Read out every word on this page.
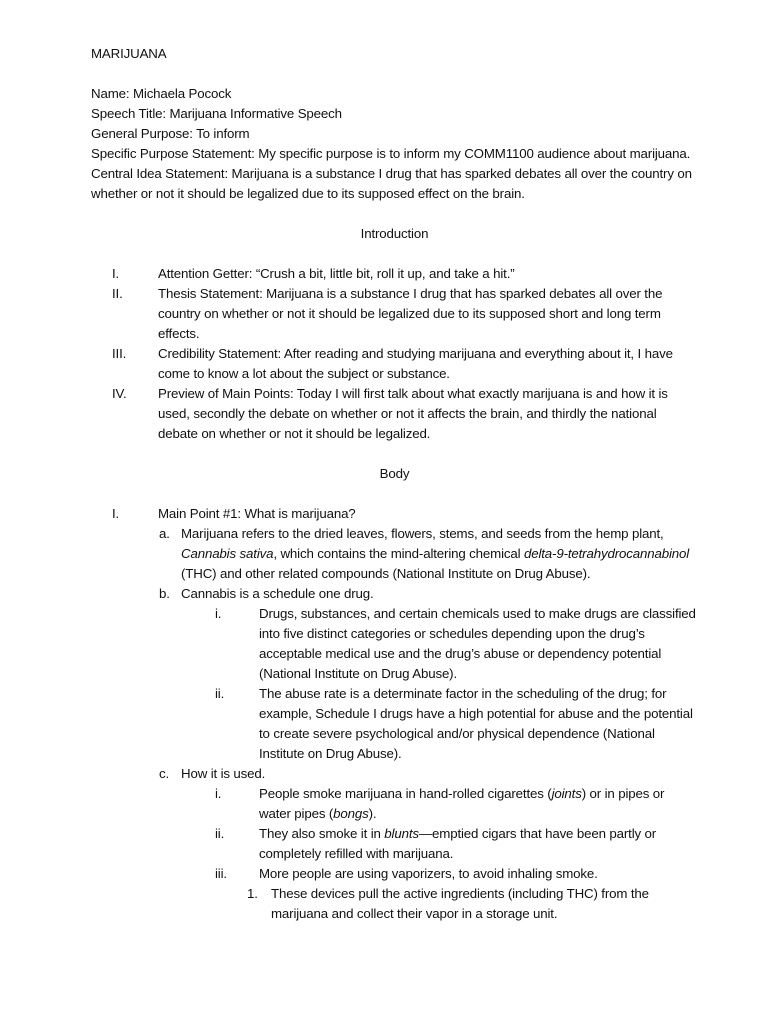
MARIJUANA

Name: Michaela Pocock

Speech Title: Marijuana Informative Speech

General Purpose: To inform

Specific Purpose Statement: My specific purpose is to inform my COMM1100 audience about marijuana.

Central Idea Statement: Marijuana is a substance I drug that has sparked debates all over the country on whether or not it should be legalized due to its supposed effect on the brain.

Introduction

I.	Attention Getter: “Crush a bit, little bit, roll it up, and take a hit.”
II.	Thesis Statement: Marijuana is a substance I drug that has sparked debates all over the country on whether or not it should be legalized due to its supposed short and long term effects.
III. Credibility Statement: After reading and studying marijuana and everything about it, I have come to know a lot about the subject or substance.
IV. Preview of Main Points: Today I will first talk about what exactly marijuana is and how it is used, secondly the debate on whether or not it affects the brain, and thirdly the national debate on whether or not it should be legalized.

Body

I.	Main Point #1: What is marijuana?
a. Marijuana refers to the dried leaves, flowers, stems, and seeds from the hemp plant, Cannabis sativa, which contains the mind-altering chemical delta-9-tetrahydrocannabinol (THC) and other related compounds (National Institute on Drug Abuse).
b. Cannabis is a schedule one drug.
i.	Drugs, substances, and certain chemicals used to make drugs are classified into five distinct categories or schedules depending upon the drug’s acceptable medical use and the drug’s abuse or dependency potential (National Institute on Drug Abuse).
ii.	The abuse rate is a determinate factor in the scheduling of the drug; for example, Schedule I drugs have a high potential for abuse and the potential to create severe psychological and/or physical dependence (National Institute on Drug Abuse).
c. How it is used.
i.	People smoke marijuana in hand-rolled cigarettes (joints) or in pipes or water pipes (bongs).
ii.	They also smoke it in blunts—emptied cigars that have been partly or completely refilled with marijuana.
iii. More people are using vaporizers, to avoid inhaling smoke.
1. These devices pull the active ingredients (including THC) from the marijuana and collect their vapor in a storage unit.
